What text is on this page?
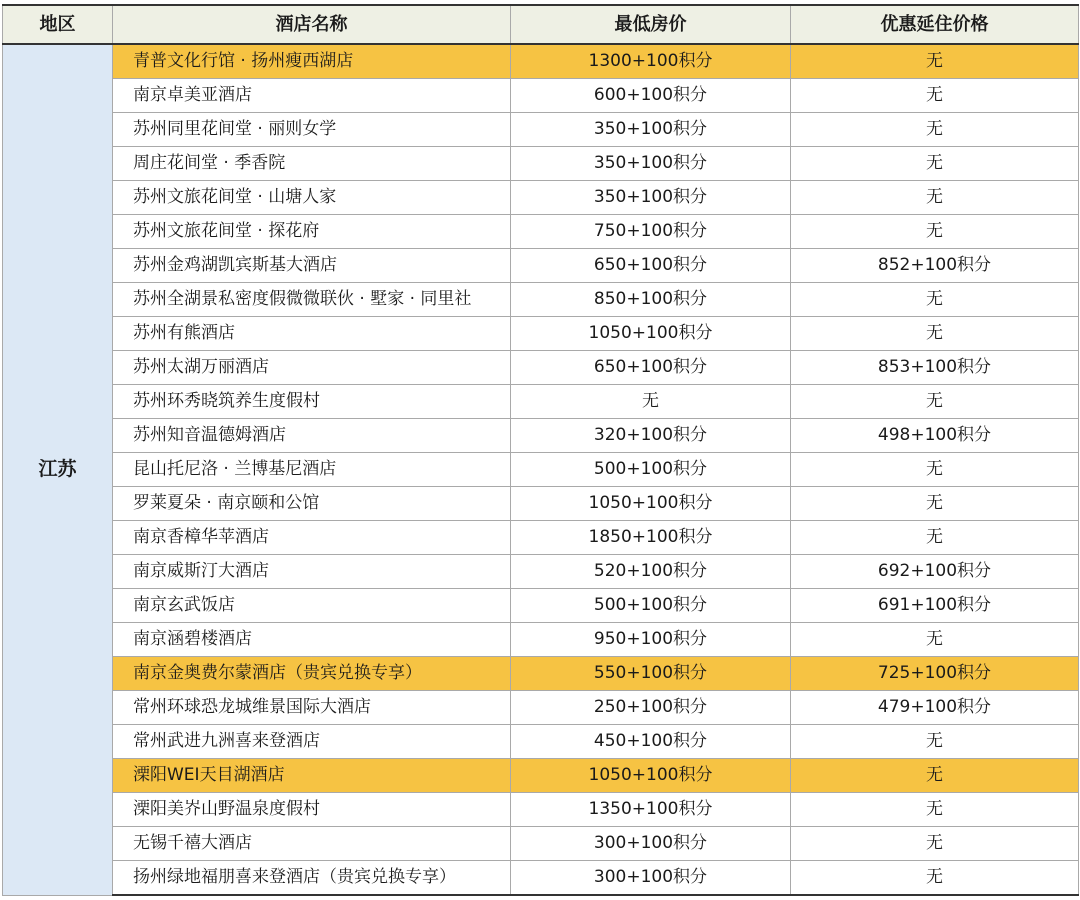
地区	酒店名称	最低房价	优惠延住价格
江苏	青普文化行馆 · 扬州瘦西湖店	1300+100积分	无
	南京卓美亚酒店	600+100积分	无
	苏州同里花间堂 · 丽则女学	350+100积分	无
	周庄花间堂 · 季香院	350+100积分	无
	苏州文旅花间堂 · 山塘人家	350+100积分	无
	苏州文旅花间堂 · 探花府	750+100积分	无
	苏州金鸡湖凯宾斯基大酒店	650+100积分	852+100积分
	苏州全湖景私密度假微微联伙 · 墅家 · 同里社	850+100积分	无
	苏州有熊酒店	1050+100积分	无
	苏州太湖万丽酒店	650+100积分	853+100积分
	苏州环秀晓筑养生度假村	无	无
	苏州知音温德姆酒店	320+100积分	498+100积分
	昆山托尼洛 · 兰博基尼酒店	500+100积分	无
	罗莱夏朵 · 南京颐和公馆	1050+100积分	无
	南京香樟华苹酒店	1850+100积分	无
	南京威斯汀大酒店	520+100积分	692+100积分
	南京玄武饭店	500+100积分	691+100积分
	南京涵碧楼酒店	950+100积分	无
	南京金奥费尔蒙酒店（贵宾兑换专享）	550+100积分	725+100积分
	常州环球恐龙城维景国际大酒店	250+100积分	479+100积分
	常州武进九洲喜来登酒店	450+100积分	无
	溧阳WEI天目湖酒店	1050+100积分	无
	溧阳美岕山野温泉度假村	1350+100积分	无
	无锡千禧大酒店	300+100积分	无
	扬州绿地福朋喜来登酒店（贵宾兑换专享）	300+100积分	无
